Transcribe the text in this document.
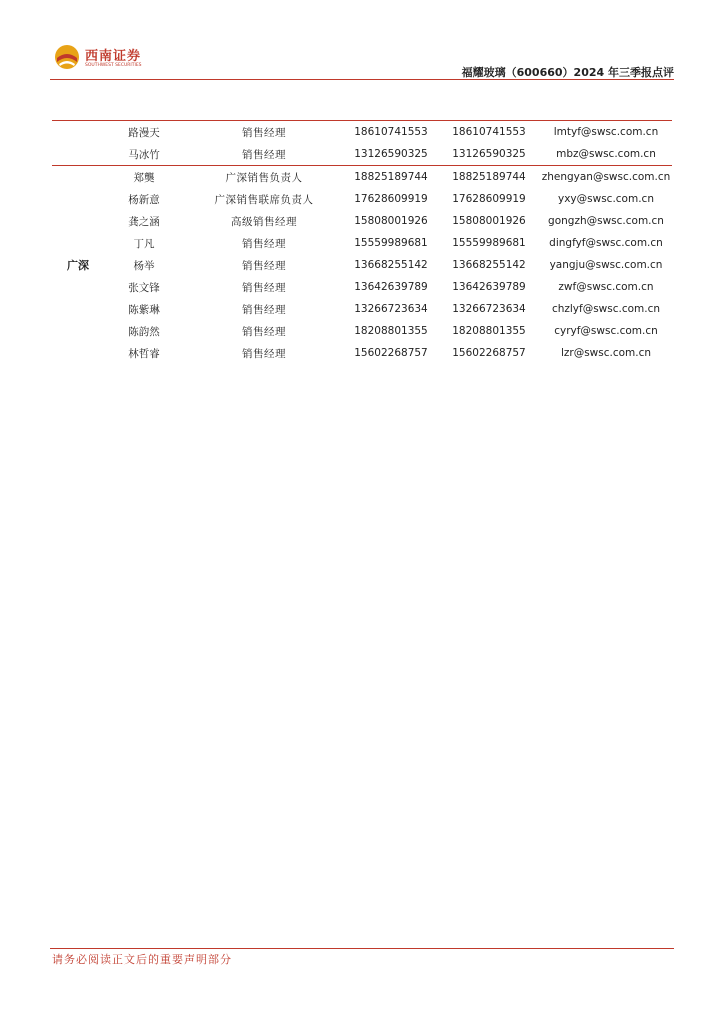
西南证券
SOUTHWEST SECURITIES
福耀玻璃（600660）2024 年三季报点评
路漫天	销售经理	18610741553	18610741553	lmtyf@swsc.com.cn
马冰竹	销售经理	13126590325	13126590325	mbz@swsc.com.cn
广深
郑龑	广深销售负责人	18825189744	18825189744	zhengyan@swsc.com.cn
杨新意	广深销售联席负责人	17628609919	17628609919	yxy@swsc.com.cn
龚之涵	高级销售经理	15808001926	15808001926	gongzh@swsc.com.cn
丁凡	销售经理	15559989681	15559989681	dingfyf@swsc.com.cn
杨举	销售经理	13668255142	13668255142	yangju@swsc.com.cn
张文锋	销售经理	13642639789	13642639789	zwf@swsc.com.cn
陈紫琳	销售经理	13266723634	13266723634	chzlyf@swsc.com.cn
陈韵然	销售经理	18208801355	18208801355	cyryf@swsc.com.cn
林哲睿	销售经理	15602268757	15602268757	lzr@swsc.com.cn
请务必阅读正文后的重要声明部分
